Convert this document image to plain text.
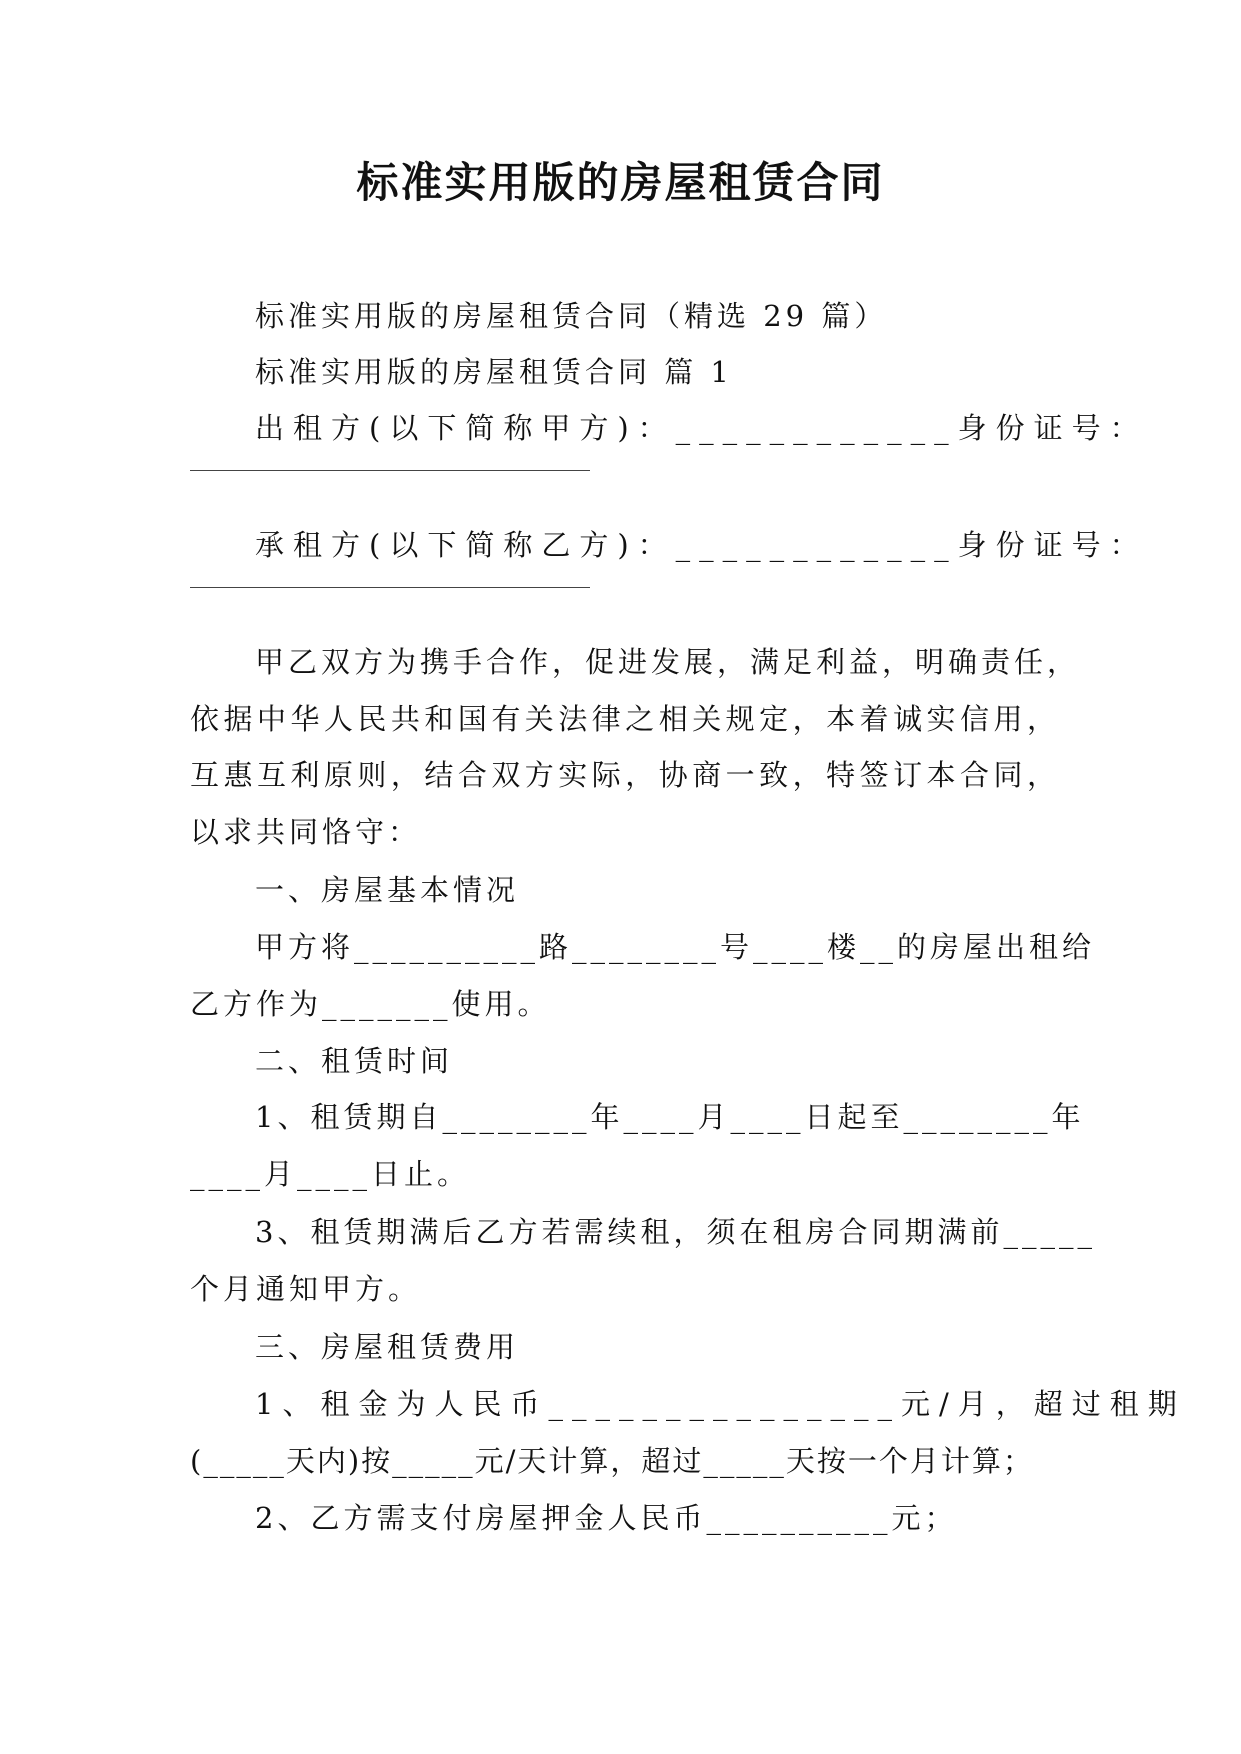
标准实用版的房屋租赁合同
标准实用版的房屋租赁合同（精选 29 篇）
标准实用版的房屋租赁合同 篇 1
出租方(以下简称甲方)：____________身份证号：
承租方(以下简称乙方)：____________身份证号：
甲乙双方为携手合作，促进发展，满足利益，明确责任，
依据中华人民共和国有关法律之相关规定，本着诚实信用，
互惠互利原则，结合双方实际，协商一致，特签订本合同，
以求共同恪守：
一、房屋基本情况
甲方将__________路________号____楼__的房屋出租给
乙方作为_______使用。
二、租赁时间
1、租赁期自________年____月____日起至________年
____月____日止。
3、租赁期满后乙方若需续租，须在租房合同期满前_____
个月通知甲方。
三、房屋租赁费用
1、租金为人民币_______________元/月，超过租期
(_____天内)按_____元/天计算，超过_____天按一个月计算；
2、乙方需支付房屋押金人民币__________元；
